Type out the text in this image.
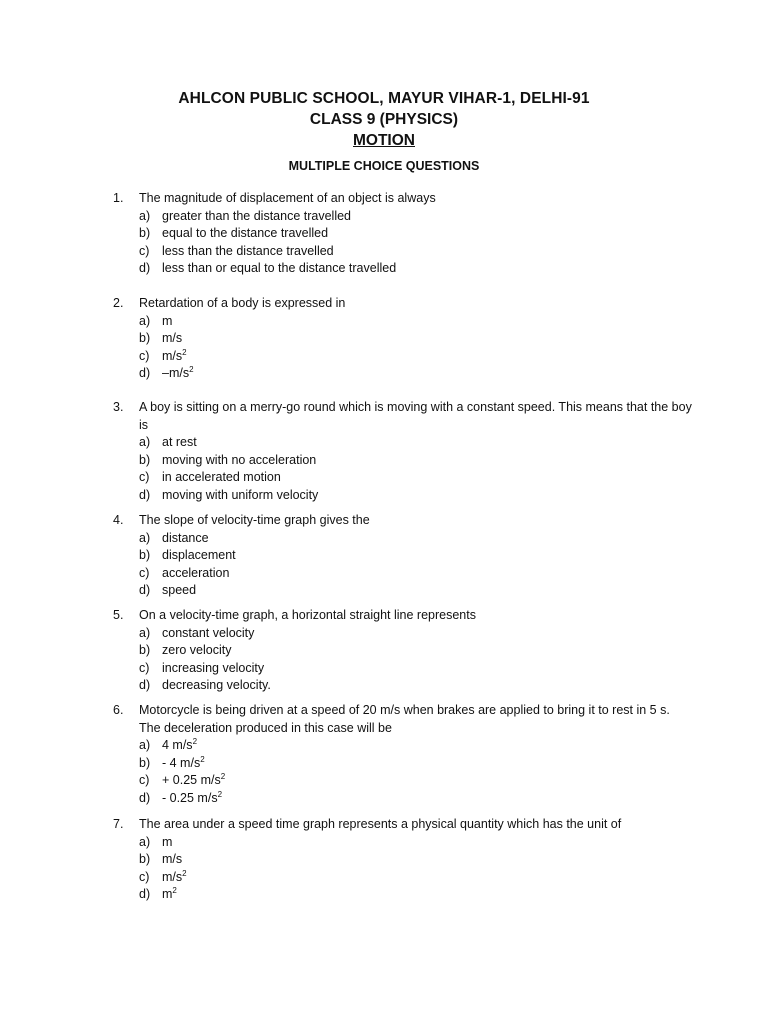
AHLCON PUBLIC SCHOOL, MAYUR VIHAR-1, DELHI-91
CLASS 9 (PHYSICS)
MOTION
MULTIPLE CHOICE QUESTIONS
1. The magnitude of displacement of an object is always
a) greater than the distance travelled
b) equal to the distance travelled
c) less than the distance travelled
d) less than or equal to the distance travelled
2. Retardation of a body is expressed in
a) m
b) m/s
c) $m/s^2$
d) $-m/s^2$
3. A boy is sitting on a merry-go round which is moving with a constant speed. This means that the boy is
a) at rest
b) moving with no acceleration
c) in accelerated motion
d) moving with uniform velocity
4. The slope of velocity-time graph gives the
a) distance
b) displacement
c) acceleration
d) speed
5. On a velocity-time graph, a horizontal straight line represents
a) constant velocity
b) zero velocity
c) increasing velocity
d) decreasing velocity.
6. Motorcycle is being driven at a speed of 20 m/s when brakes are applied to bring it to rest in 5 s. The deceleration produced in this case will be
a) 4 $m/s^2$
b) - 4 $m/s^2$
c) + 0.25 $m/s^2$
d) - 0.25 $m/s^2$
7. The area under a speed time graph represents a physical quantity which has the unit of
a) m
b) m/s
c) $m/s^2$
d) $m^2$
